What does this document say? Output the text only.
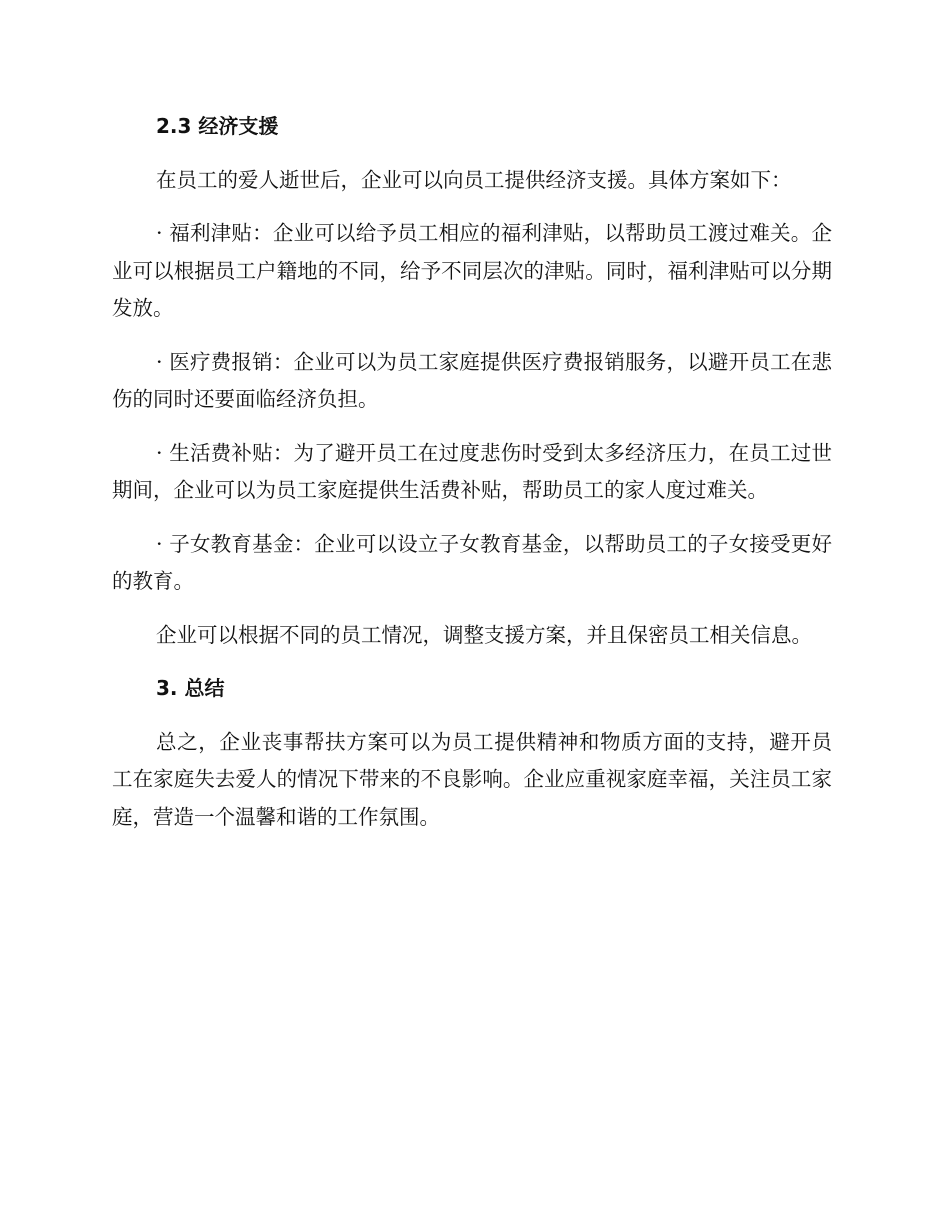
2.3 经济支援

在员工的爱人逝世后，企业可以向员工提供经济支援。具体方案如下：

· 福利津贴：企业可以给予员工相应的福利津贴，以帮助员工渡过难关。企业可以根据员工户籍地的不同，给予不同层次的津贴。同时，福利津贴可以分期发放。

· 医疗费报销：企业可以为员工家庭提供医疗费报销服务，以避开员工在悲伤的同时还要面临经济负担。

· 生活费补贴：为了避开员工在过度悲伤时受到太多经济压力，在员工过世期间，企业可以为员工家庭提供生活费补贴，帮助员工的家人度过难关。

· 子女教育基金：企业可以设立子女教育基金，以帮助员工的子女接受更好的教育。

企业可以根据不同的员工情况，调整支援方案，并且保密员工相关信息。

3. 总结

总之，企业丧事帮扶方案可以为员工提供精神和物质方面的支持，避开员工在家庭失去爱人的情况下带来的不良影响。企业应重视家庭幸福，关注员工家庭，营造一个温馨和谐的工作氛围。
